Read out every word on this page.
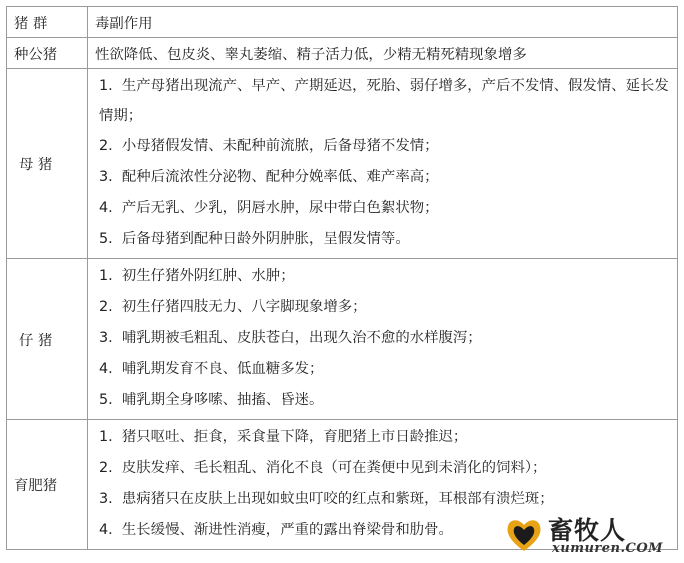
猪 群	毒副作用
种公猪	性欲降低、包皮炎、睾丸萎缩、精子活力低，少精无精死精现象增多
母 猪	1. 生产母猪出现流产、早产、产期延迟，死胎、弱仔增多，产后不发情、假发情、延长发情期；
2. 小母猪假发情、未配种前流脓，后备母猪不发情；
3. 配种后流浓性分泌物、配种分娩率低、难产率高；
4. 产后无乳、少乳，阴唇水肿，尿中带白色絮状物；
5. 后备母猪到配种日龄外阴肿胀，呈假发情等。

仔 猪	1. 初生仔猪外阴红肿、水肿；
2. 初生仔猪四肢无力、八字脚现象增多；
3. 哺乳期被毛粗乱、皮肤苍白，出现久治不愈的水样腹泻；
4. 哺乳期发育不良、低血糖多发；
5. 哺乳期全身哆嗦、抽搐、昏迷。

育肥猪	1. 猪只呕吐、拒食，采食量下降，育肥猪上市日龄推迟；
2. 皮肤发痒、毛长粗乱、消化不良（可在粪便中见到未消化的饲料）；
3. 患病猪只在皮肤上出现如蚊虫叮咬的红点和紫斑，耳根部有溃烂斑；
4. 生长缓慢、渐进性消瘦，严重的露出脊梁骨和肋骨。	畜牧人
xumuren.COM
